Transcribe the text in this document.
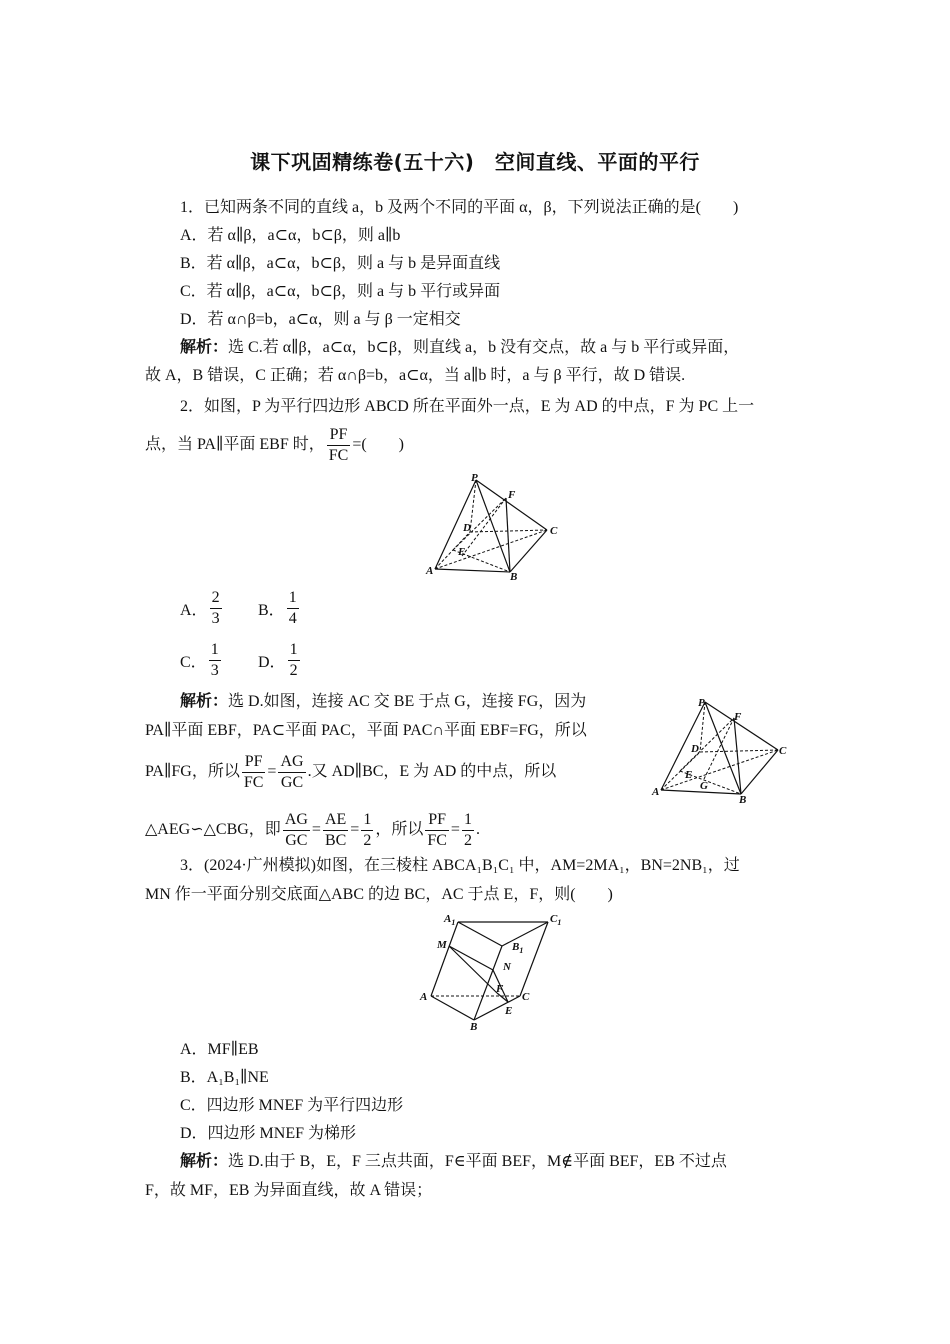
课下巩固精练卷(五十六)　空间直线、平面的平行
1．已知两条不同的直线 a，b 及两个不同的平面 α，β，下列说法正确的是(　　)
A．若 α∥β，a⊂α，b⊂β，则 a∥b
B．若 α∥β，a⊂α，b⊂β，则 a 与 b 是异面直线
C．若 α∥β，a⊂α，b⊂β，则 a 与 b 平行或异面
D．若 α∩β=b，a⊂α，则 a 与 β 一定相交
解析：选 C.若 α∥β，a⊂α，b⊂β，则直线 a，b 没有交点，故 a 与 b 平行或异面，
故 A，B 错误，C 正确；若 α∩β=b，a⊂α，当 a∥b 时，a 与 β 平行，故 D 错误.
2．如图，P 为平行四边形 ABCD 所在平面外一点，E 为 AD 的中点，F 为 PC 上一
点，当 PA∥平面 EBF 时， $\frac{PF}{FC}$ =(　　)
P
F
D	C
E
A	B
A． $\frac{2}{3}$ B． $\frac{1}{4}$
C． $\frac{1}{3}$ D． $\frac{1}{2}$
解析：选 D.如图，连接 AC 交 BE 于点 G，连接 FG，因为
PA∥平面 EBF，PA⊂平面 PAC，平面 PAC∩平面 EBF=FG，所以
PA∥FG，所以 $\frac{PF}{FC} = \frac{AG}{GC}$ .又 AD∥BC，E 为 AD 的中点，所以
△AEG∽△CBG，即 $\frac{AG}{GC} = \frac{AE}{BC} = \frac{1}{2}$ ，所以 $\frac{PF}{FC} = \frac{1}{2}$ .
P
F
D	C
E
G
A
B
3．(2024·广州模拟)如图，在三棱柱 ABCA₁B₁C₁ 中，AM=2MA₁，BN=2NB₁，过
MN 作一平面分别交底面△ABC 的边 BC，AC 于点 E，F，则(　　)
$A_1$	$C_1$
$B_1$
M
N
F
A	C
E
B
A．MF∥EB
B．A₁B₁∥NE
C．四边形 MNEF 为平行四边形
D．四边形 MNEF 为梯形
解析：选 D.由于 B，E，F 三点共面，F∈平面 BEF，M∉平面 BEF，EB 不过点
F，故 MF，EB 为异面直线，故 A 错误；
